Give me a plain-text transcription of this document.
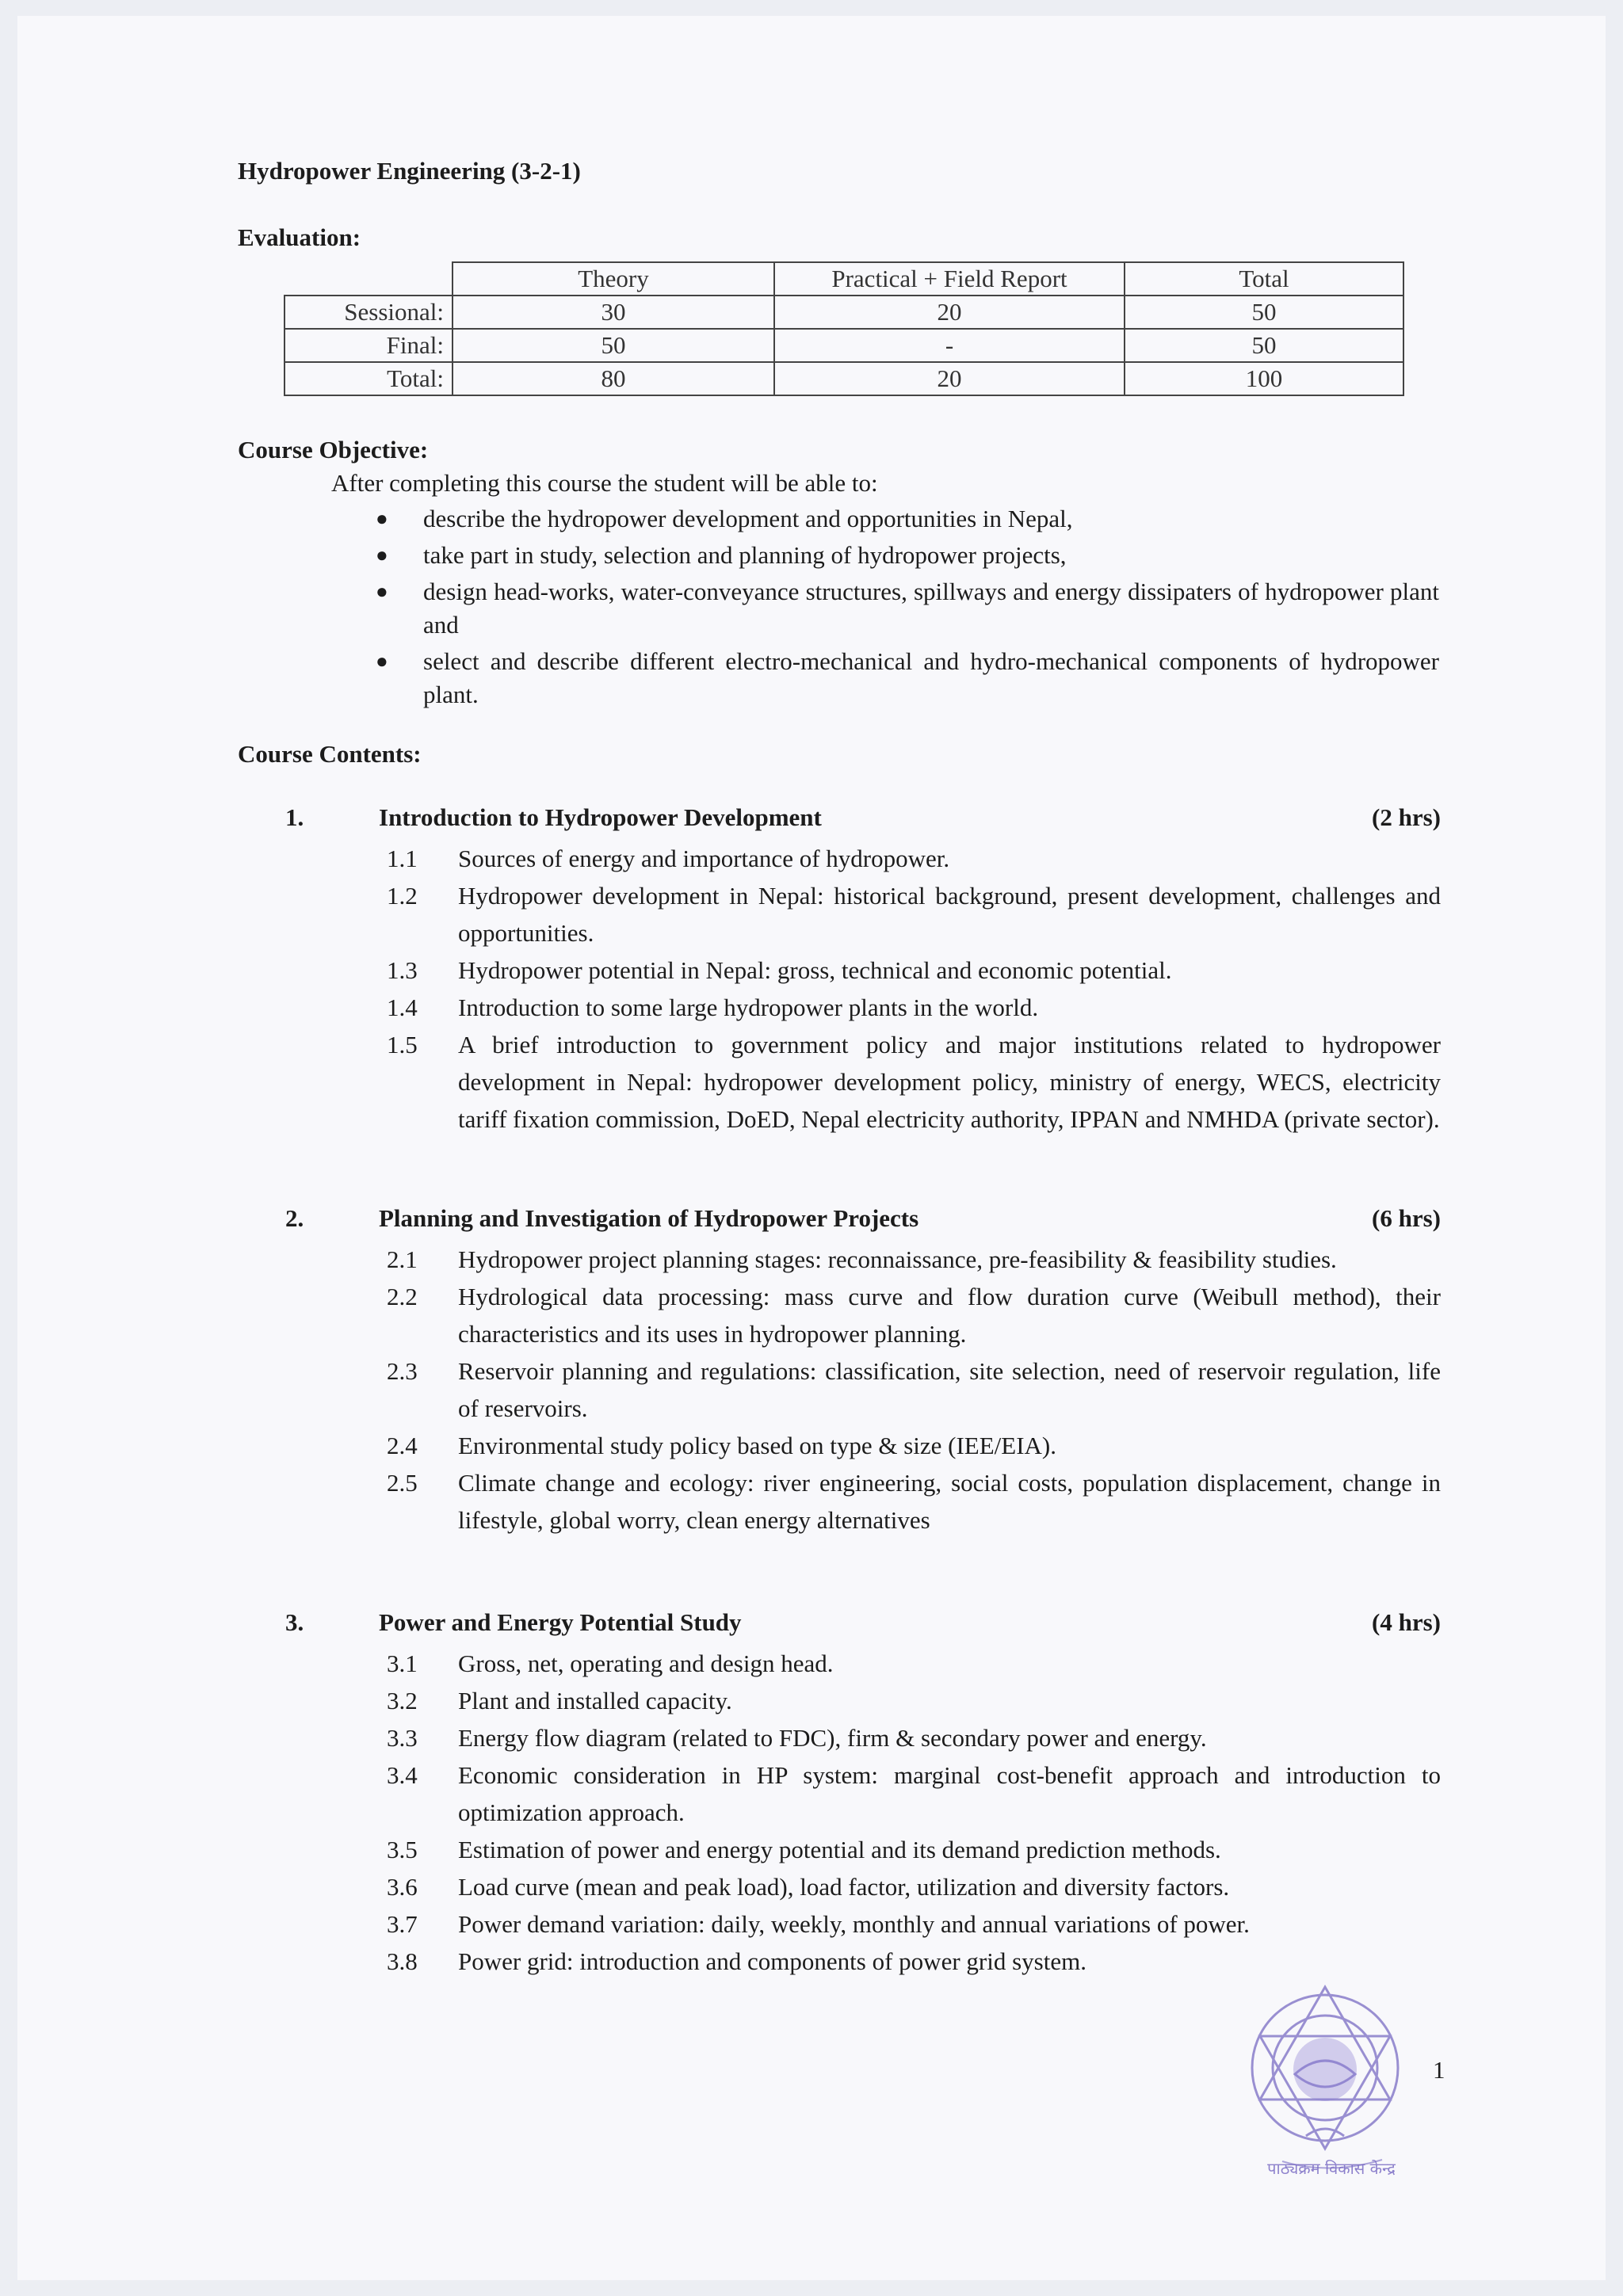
Hydropower Engineering (3-2-1)
Evaluation:
	Theory	Practical + Field Report	Total
Sessional:	30	20	50
Final:	50	-	50
Total:	80	20	100
Course Objective:
After completing this course the student will be able to:
● describe the hydropower development and opportunities in Nepal,
● take part in study, selection and planning of hydropower projects,
● design head-works, water-conveyance structures, spillways and energy dissipaters of hydropower plant and
● select and describe different electro-mechanical and hydro-mechanical components of hydropower plant.
Course Contents:
1.	Introduction to Hydropower Development	(2 hrs)
1.1 Sources of energy and importance of hydropower.
1.2 Hydropower development in Nepal: historical background, present development, challenges and opportunities.
1.3 Hydropower potential in Nepal: gross, technical and economic potential.
1.4 Introduction to some large hydropower plants in the world.
1.5 A brief introduction to government policy and major institutions related to hydropower development in Nepal: hydropower development policy, ministry of energy, WECS, electricity tariff fixation commission, DoED, Nepal electricity authority, IPPAN and NMHDA (private sector).
2.	Planning and Investigation of Hydropower Projects	(6 hrs)
2.1 Hydropower project planning stages: reconnaissance, pre-feasibility & feasibility studies.
2.2 Hydrological data processing: mass curve and flow duration curve (Weibull method), their characteristics and its uses in hydropower planning.
2.3 Reservoir planning and regulations: classification, site selection, need of reservoir regulation, life of reservoirs.
2.4 Environmental study policy based on type & size (IEE/EIA).
2.5 Climate change and ecology: river engineering, social costs, population displacement, change in lifestyle, global worry, clean energy alternatives
3.	Power and Energy Potential Study	(4 hrs)
3.1 Gross, net, operating and design head.
3.2 Plant and installed capacity.
3.3 Energy flow diagram (related to FDC), firm & secondary power and energy.
3.4 Economic consideration in HP system: marginal cost-benefit approach and introduction to optimization approach.
3.5 Estimation of power and energy potential and its demand prediction methods.
3.6 Load curve (mean and peak load), load factor, utilization and diversity factors.
3.7 Power demand variation: daily, weekly, monthly and annual variations of power.
3.8 Power grid: introduction and components of power grid system.
पाठ्यक्रम विकास केन्द्र
1
